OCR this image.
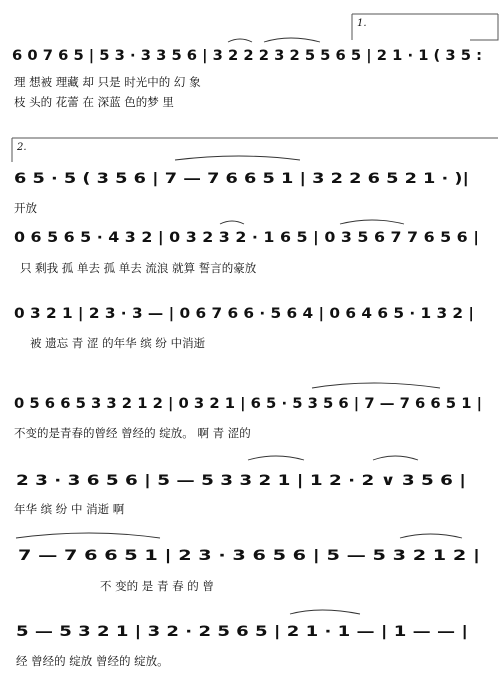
1.
2.
6 0 7 6 5 | 5 3 · 3 3 5 6 | 3 2 2 2 3 2 5 5 6 5 | 2 1 · 1 ( 3 5 :
理 想被 理藏 却 只是 时光中的 幻 象
枝 头的 花蕾 在 深蓝 色的梦 里
6 5 · 5 ( 3 5 6 | 7 — 7 6 6 5 1 | 3 2 2 6 5 2 1 · )|
开放
0 6 5 6 5 · 4 3 2 | 0 3 2 3 2 · 1 6 5 | 0 3 5 6 7 7 6 5 6 |
只 剩我 孤 单去 孤 单去 流浪 就算 誓言的豪放
0 3 2 1 | 2 3 · 3 — | 0 6 7 6 6 · 5 6 4 | 0 6 4 6 5 · 1 3 2 |
被 遗忘 青 涩 的年华 缤 纷 中消逝
0 5 6 6 5 3 3 2 1 2 | 0 3 2 1 | 6 5 · 5 3 5 6 | 7 — 7 6 6 5 1 |
不变的是青春的曾经 曾经的 绽放。 啊 青 涩的
2 3 · 3 6 5 6 | 5 — 5 3 3 2 1 | 1 2 · 2 ∨ 3 5 6 |
年华 缤 纷 中 消逝 啊
7 — 7 6 6 5 1 | 2 3 · 3 6 5 6 | 5 — 5 3 2 1 2 |
不 变的 是 青 春 的 曾
5 — 5 3 2 1 | 3 2 · 2 5 6 5 | 2 1 · 1 — | 1 — — |
经 曾经的 绽放 曾经的 绽放。
